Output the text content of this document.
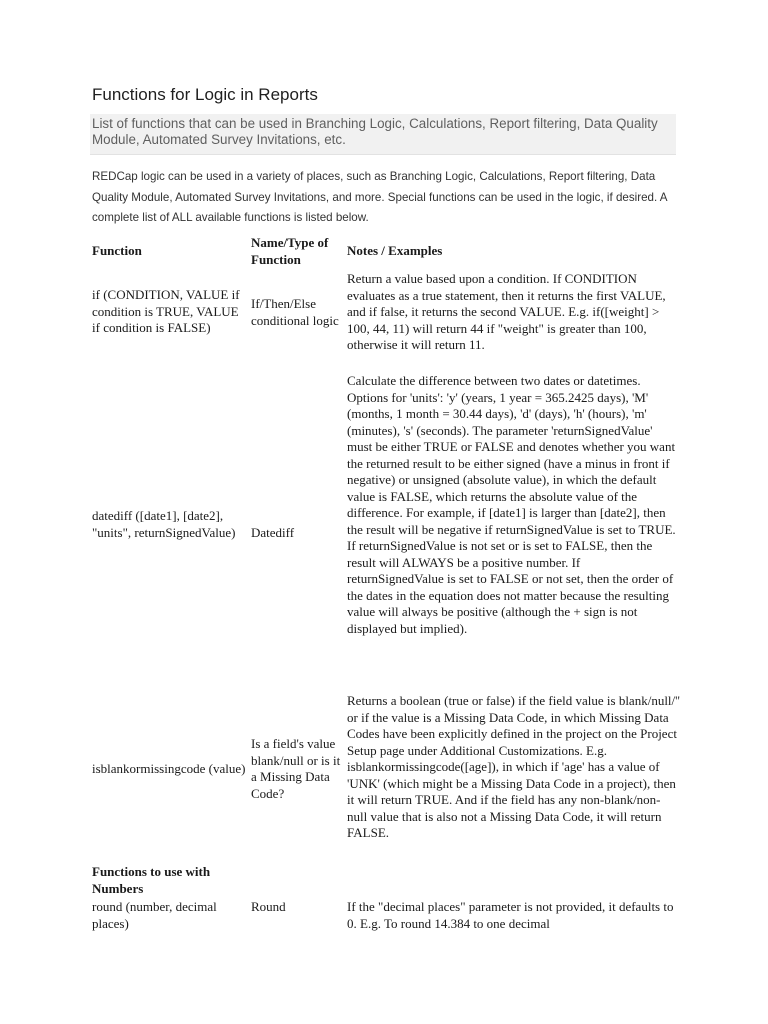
Functions for Logic in Reports
List of functions that can be used in Branching Logic, Calculations, Report filtering, Data Quality Module, Automated Survey Invitations, etc.
REDCap logic can be used in a variety of places, such as Branching Logic, Calculations, Report filtering, Data Quality Module, Automated Survey Invitations, and more. Special functions can be used in the logic, if desired. A complete list of ALL available functions is listed below.
Function
Name/Type of Function
Notes / Examples
if (CONDITION, VALUE if condition is TRUE, VALUE if condition is FALSE)
If/Then/Else conditional logic
Return a value based upon a condition. If CONDITION evaluates as a true statement, then it returns the first VALUE, and if false, it returns the second VALUE. E.g. if([weight] > 100, 44, 11) will return 44 if "weight" is greater than 100, otherwise it will return 11.
datediff ([date1], [date2], "units", returnSignedValue)	Datediff
Calculate the difference between two dates or datetimes. Options for 'units': 'y' (years, 1 year = 365.2425 days), 'M' (months, 1 month = 30.44 days), 'd' (days), 'h' (hours), 'm' (minutes), 's' (seconds). The parameter 'returnSignedValue' must be either TRUE or FALSE and denotes whether you want the returned result to be either signed (have a minus in front if negative) or unsigned (absolute value), in which the default value is FALSE, which returns the absolute value of the difference. For example, if [date1] is larger than [date2], then the result will be negative if returnSignedValue is set to TRUE. If returnSignedValue is not set or is set to FALSE, then the result will ALWAYS be a positive number. If returnSignedValue is set to FALSE or not set, then the order of the dates in the equation does not matter because the resulting value will always be positive (although the + sign is not displayed but implied).
isblankormissingcode (value)
Is a field's value blank/null or is it a Missing Data Code?
Returns a boolean (true or false) if the field value is blank/null/'' or if the value is a Missing Data Code, in which Missing Data Codes have been explicitly defined in the project on the Project Setup page under Additional Customizations. E.g. isblankormissingcode([age]), in which if 'age' has a value of 'UNK' (which might be a Missing Data Code in a project), then it will return TRUE. And if the field has any non-blank/non-null value that is also not a Missing Data Code, it will return FALSE.
Functions to use with Numbers
round (number, decimal places)
Round	If the "decimal places" parameter is not provided, it defaults to 0. E.g. To round 14.384 to one decimal
